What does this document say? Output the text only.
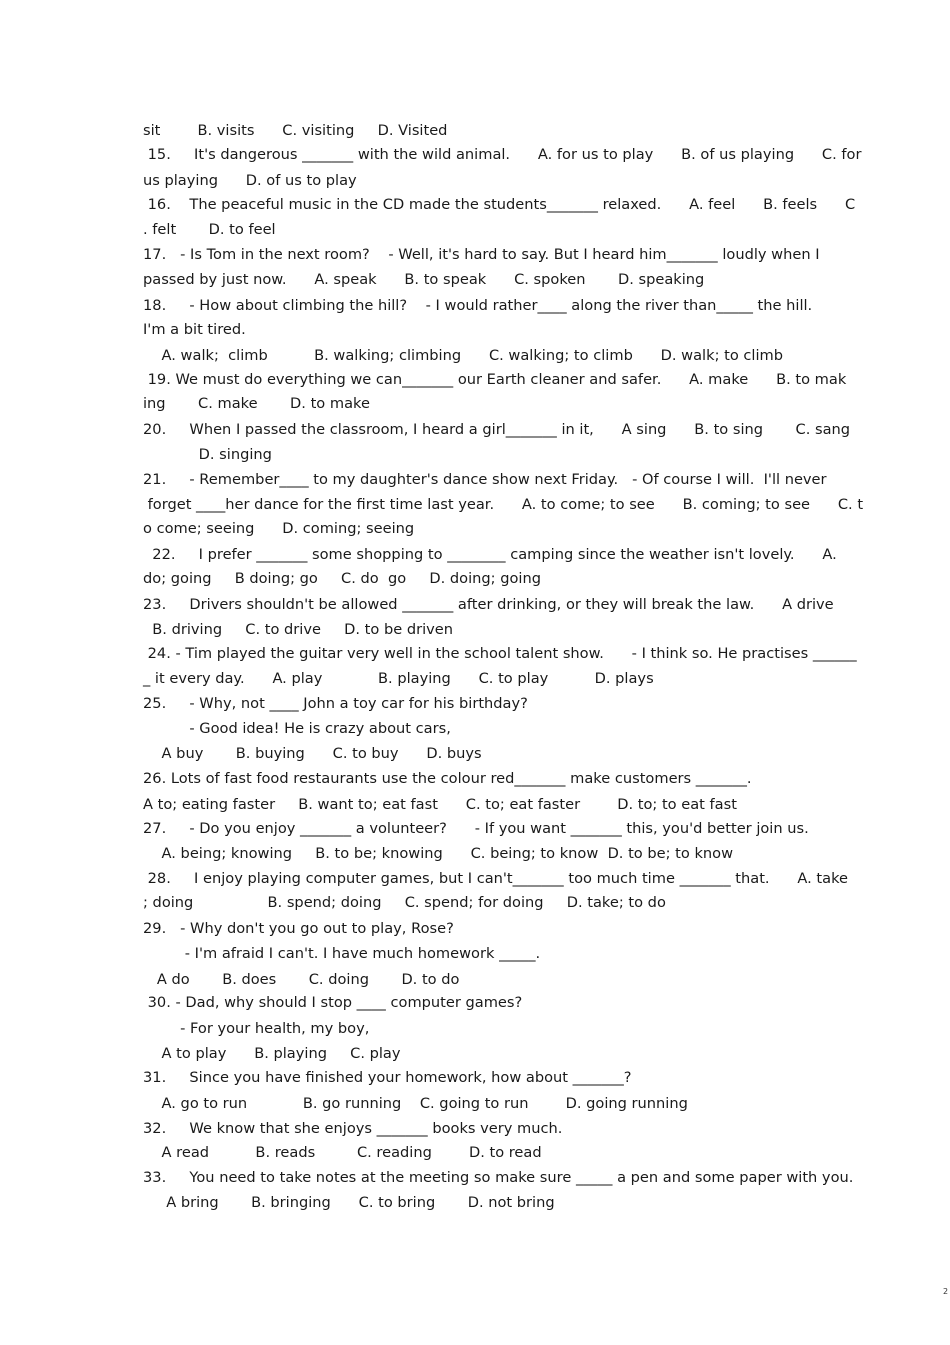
sit        B. visits      C. visiting     D. Visited

15.     It's dangerous _______ with the wild animal.      A. for us to play      B. of us playing      C. for

us playing      D. of us to play

16.    The peaceful music in the CD made the students_______ relaxed.      A. feel      B. feels      C

. felt       D. to feel

17.   - Is Tom in the next room?    - Well, it's hard to say. But I heard him_______ loudly when I

passed by just now.      A. speak      B. to speak      C. spoken       D. speaking

18.     - How about climbing the hill?    - I would rather____ along the river than_____ the hill.

I'm a bit tired.

A. walk;  climb          B. walking; climbing      C. walking; to climb      D. walk; to climb

19. We must do everything we can_______ our Earth cleaner and safer.      A. make      B. to mak

ing       C. make       D. to make

20.     When I passed the classroom, I heard a girl_______ in it,      A sing      B. to sing       C. sang

D. singing

21.     - Remember____ to my daughter's dance show next Friday.   - Of course I will.  I'll never

forget ____her dance for the first time last year.      A. to come; to see      B. coming; to see      C. t

o come; seeing      D. coming; seeing

22.     I prefer _______ some shopping to ________ camping since the weather isn't lovely.      A.

do; going     B doing; go     C. do  go     D. doing; going

23.     Drivers shouldn't be allowed _______ after drinking, or they will break the law.      A drive

B. driving     C. to drive     D. to be driven

24. - Tim played the guitar very well in the school talent show.      - I think so. He practises ______

_ it every day.      A. play            B. playing      C. to play          D. plays

25.     - Why, not ____ John a toy car for his birthday?

- Good idea! He is crazy about cars,

A buy       B. buying      C. to buy      D. buys

26. Lots of fast food restaurants use the colour red_______ make customers _______.

A to; eating faster     B. want to; eat fast      C. to; eat faster        D. to; to eat fast

27.     - Do you enjoy _______ a volunteer?      - If you want _______ this, you'd better join us.

A. being; knowing     B. to be; knowing      C. being; to know  D. to be; to know

28.     I enjoy playing computer games, but I can't_______ too much time _______ that.      A. take

; doing                B. spend; doing     C. spend; for doing     D. take; to do

29.   - Why don't you go out to play, Rose?

- I'm afraid I can't. I have much homework _____.

A do       B. does       C. doing       D. to do

30. - Dad, why should I stop ____ computer games?

- For your health, my boy,

A to play      B. playing     C. play

31.     Since you have finished your homework, how about _______?

A. go to run            B. go running    C. going to run        D. going running

32.     We know that she enjoys _______ books very much.

A read          B. reads         C. reading        D. to read

33.     You need to take notes at the meeting so make sure _____ a pen and some paper with you.

A bring       B. bringing      C. to bring       D. not bring

2
